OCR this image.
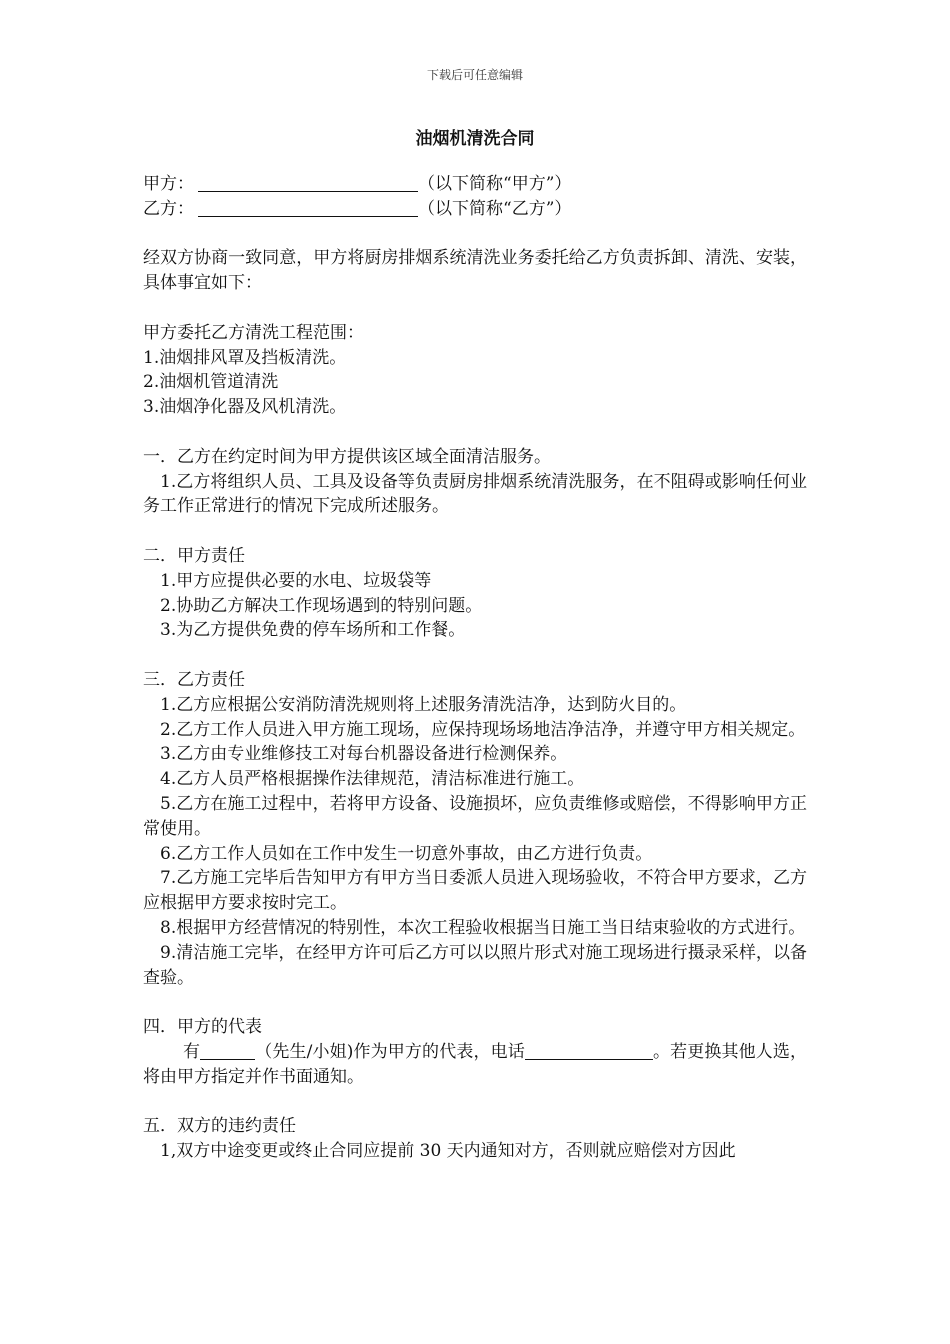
下载后可任意编辑
油烟机清洗合同
甲方：	（以下简称“甲方”）
乙方：	（以下简称“乙方”）
经双方协商一致同意，甲方将厨房排烟系统清洗业务委托给乙方负责拆卸、清洗、安装，具体事宜如下：
甲方委托乙方清洗工程范围：
1.油烟排风罩及挡板清洗。
2.油烟机管道清洗
3.油烟净化器及风机清洗。
一．乙方在约定时间为甲方提供该区域全面清洁服务。
1.乙方将组织人员、工具及设备等负责厨房排烟系统清洗服务，在不阻碍或影响任何业务工作正常进行的情况下完成所述服务。
二．甲方责任
1.甲方应提供必要的水电、垃圾袋等
2.协助乙方解决工作现场遇到的特别问题。
3.为乙方提供免费的停车场所和工作餐。
三．乙方责任
1.乙方应根据公安消防清洗规则将上述服务清洗洁净，达到防火目的。
2.乙方工作人员进入甲方施工现场，应保持现场场地洁净洁净，并遵守甲方相关规定。
3.乙方由专业维修技工对每台机器设备进行检测保养。
4.乙方人员严格根据操作法律规范，清洁标准进行施工。
5.乙方在施工过程中，若将甲方设备、设施损坏，应负责维修或赔偿，不得影响甲方正常使用。
6.乙方工作人员如在工作中发生一切意外事故，由乙方进行负责。
7.乙方施工完毕后告知甲方有甲方当日委派人员进入现场验收，不符合甲方要求，乙方应根据甲方要求按时完工。
8.根据甲方经营情况的特别性，本次工程验收根据当日施工当日结束验收的方式进行。
9.清洁施工完毕，在经甲方许可后乙方可以以照片形式对施工现场进行摄录采样，以备查验。
四．甲方的代表
有	（先生/小姐)作为甲方的代表，电话	。若更换其他人选，将由甲方指定并作书面通知。
五．双方的违约责任
1,双方中途变更或终止合同应提前 30 天内通知对方，否则就应赔偿对方因此
